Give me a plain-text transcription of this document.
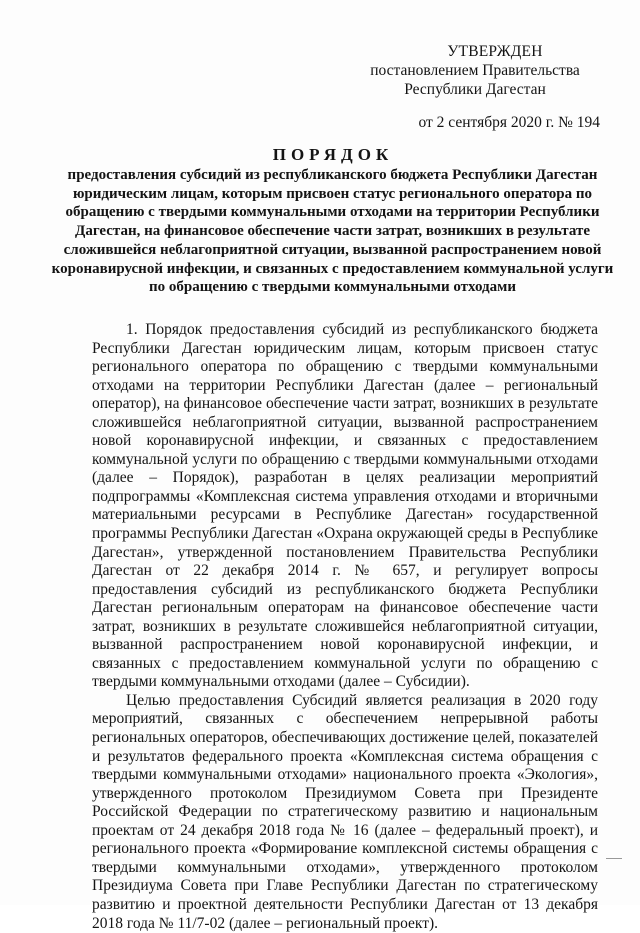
УТВЕРЖДЕН
постановлением Правительства
Республики Дагестан
от 2 сентября 2020 г. № 194
ПОРЯДОК
предоставления субсидий из республиканского бюджета Республики Дагестан юридическим лицам, которым присвоен статус регионального оператора по обращению с твердыми коммунальными отходами на территории Республики Дагестан, на финансовое обеспечение части затрат, возникших в результате сложившейся неблагоприятной ситуации, вызванной распространением новой коронавирусной инфекции, и связанных с предоставлением коммунальной услуги по обращению с твердыми коммунальными отходами

1. Порядок предоставления субсидий из республиканского бюджета Республики Дагестан юридическим лицам, которым присвоен статус регионального оператора по обращению с твердыми коммунальными отходами на территории Республики Дагестан (далее – региональный оператор), на финансовое обеспечение части затрат, возникших в результате сложившейся неблагоприятной ситуации, вызванной распространением новой коронавирусной инфекции, и связанных с предоставлением коммунальной услуги по обращению с твердыми коммунальными отходами (далее – Порядок), разработан в целях реализации мероприятий подпрограммы «Комплексная система управления отходами и вторичными материальными ресурсами в Республике Дагестан» государственной программы Республики Дагестан «Охрана окружающей среды в Республике Дагестан», утвержденной постановлением Правительства Республики Дагестан от 22 декабря 2014 г. № 657, и регулирует вопросы предоставления субсидий из республиканского бюджета Республики Дагестан региональным операторам на финансовое обеспечение части затрат, возникших в результате сложившейся неблагоприятной ситуации, вызванной распространением новой коронавирусной инфекции, и связанных с предоставлением коммунальной услуги по обращению с твердыми коммунальными отходами (далее – Субсидии).

Целью предоставления Субсидий является реализация в 2020 году мероприятий, связанных с обеспечением непрерывной работы региональных операторов, обеспечивающих достижение целей, показателей и результатов федерального проекта «Комплексная система обращения с твердыми коммунальными отходами» национального проекта «Экология», утвержденного протоколом Президиумом Совета при Президенте Российской Федерации по стратегическому развитию и национальным проектам от 24 декабря 2018 года № 16 (далее – федеральный проект), и регионального проекта «Формирование комплексной системы обращения с твердыми коммунальными отходами», утвержденного протоколом Президиума Совета при Главе Республики Дагестан по стратегическому развитию и проектной деятельности Республики Дагестан от 13 декабря 2018 года № 11/7-02 (далее – региональный проект).
